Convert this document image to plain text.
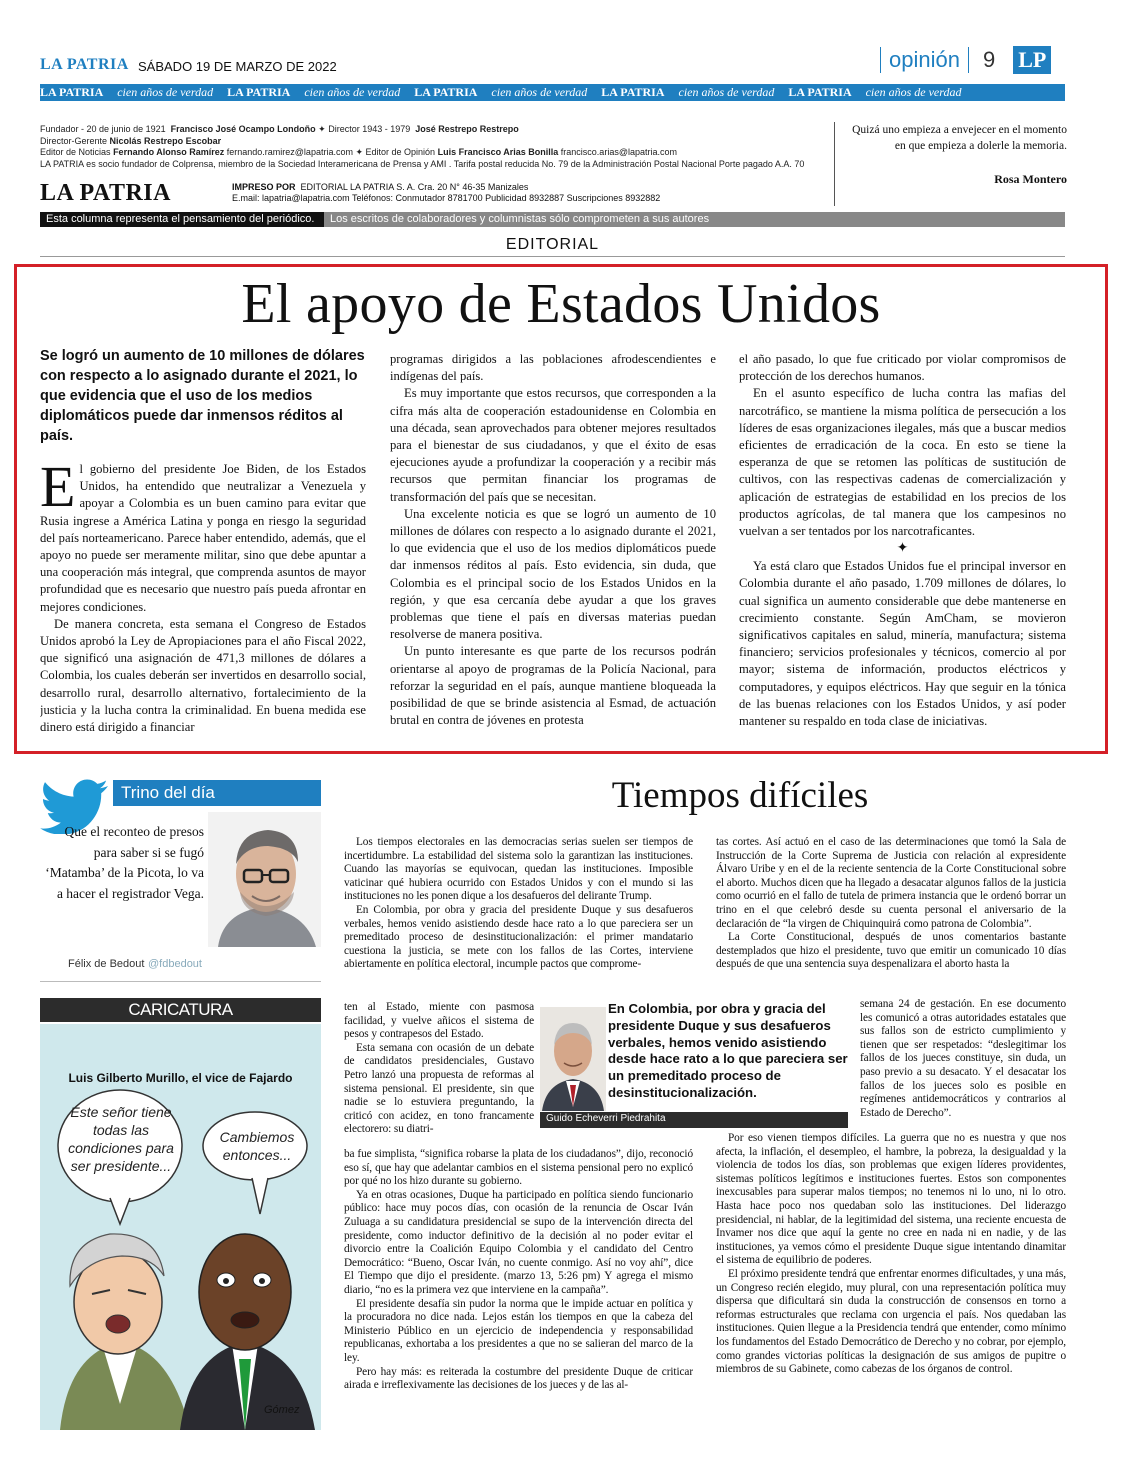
LA PATRIA SÁBADO 19 DE MARZO DE 2022	opinión 9 LP
LA PATRIA cien años de verdad LA PATRIA cien años de verdad LA PATRIA cien años de verdad LA PATRIA cien años de verdad LA PATRIA cien años de verdad
Fundador - 20 de junio de 1921 Francisco José Ocampo Londoño ✦ Director 1943 - 1979 José Restrepo Restrepo
Director-Gerente Nicolás Restrepo Escobar
Editor de Noticias Fernando Alonso Ramírez fernando.ramirez@lapatria.com ✦ Editor de Opinión Luis Francisco Arias Bonilla francisco.arias@lapatria.com
LA PATRIA es socio fundador de Colprensa, miembro de la Sociedad Interamericana de Prensa y AMI . Tarifa postal reducida No. 79 de la Administración Postal Nacional Porte pagado A.A. 70
LA PATRIA	IMPRESO POR EDITORIAL LA PATRIA S. A. Cra. 20 N° 46-35 Manizales
E.mail: lapatria@lapatria.com Teléfonos: Conmutador 8781700 Publicidad 8932887 Suscripciones 8932882
Quizá uno empieza a envejecer en el momento en que empieza a dolerle la memoria.
Rosa Montero
Esta columna representa el pensamiento del periódico.	Los escritos de colaboradores y columnistas sólo comprometen a sus autores
EDITORIAL
El apoyo de Estados Unidos
Se logró un aumento de 10 millones de dólares con respecto a lo asignado durante el 2021, lo que evidencia que el uso de los medios diplomáticos puede dar inmensos réditos al país.

El gobierno del presidente Joe Biden, de los Estados Unidos, ha entendido que neutralizar a Venezuela y apoyar a Colombia es un buen camino para evitar que Rusia ingrese a América Latina y ponga en riesgo la seguridad del país norteamericano. Parece haber entendido, además, que el apoyo no puede ser meramente militar, sino que debe apuntar a una cooperación más integral, que comprenda asuntos de mayor profundidad que es necesario que nuestro país pueda afrontar en mejores condiciones.

De manera concreta, esta semana el Congreso de Estados Unidos aprobó la Ley de Apropiaciones para el año Fiscal 2022, que significó una asignación de 471,3 millones de dólares a Colombia, los cuales deberán ser invertidos en desarrollo social, desarrollo rural, desarrollo alternativo, fortalecimiento de la justicia y la lucha contra la criminalidad. En buena medida ese dinero está dirigido a financiar

programas dirigidos a las poblaciones afrodescendientes e indígenas del país.

Es muy importante que estos recursos, que corresponden a la cifra más alta de cooperación estadounidense en Colombia en una década, sean aprovechados para obtener mejores resultados para el bienestar de sus ciudadanos, y que el éxito de esas ejecuciones ayude a profundizar la cooperación y a recibir más recursos que permitan financiar los programas de transformación del país que se necesitan.

Una excelente noticia es que se logró un aumento de 10 millones de dólares con respecto a lo asignado durante el 2021, lo que evidencia que el uso de los medios diplomáticos puede dar inmensos réditos al país. Esto evidencia, sin duda, que Colombia es el principal socio de los Estados Unidos en la región, y que esa cercanía debe ayudar a que los graves problemas que tiene el país en diversas materias puedan resolverse de manera positiva.

Un punto interesante es que parte de los recursos podrán orientarse al apoyo de programas de la Policía Nacional, para reforzar la seguridad en el país, aunque mantiene bloqueada la posibilidad de que se brinde asistencia al Esmad, de actuación brutal en contra de jóvenes en protesta

el año pasado, lo que fue criticado por violar compromisos de protección de los derechos humanos.

En el asunto específico de lucha contra las mafias del narcotráfico, se mantiene la misma política de persecución a los líderes de esas organizaciones ilegales, más que a buscar medios eficientes de erradicación de la coca. En esto se tiene la esperanza de que se retomen las políticas de sustitución de cultivos, con las respectivas cadenas de comercialización y aplicación de estrategias de estabilidad en los precios de los productos agrícolas, de tal manera que los campesinos no vuelvan a ser tentados por los narcotraficantes.

✦

Ya está claro que Estados Unidos fue el principal inversor en Colombia durante el año pasado, 1.709 millones de dólares, lo cual significa un aumento considerable que debe mantenerse en crecimiento constante. Según AmCham, se movieron significativos capitales en salud, minería, manufactura; sistema financiero; servicios profesionales y técnicos, comercio al por mayor; sistema de información, productos eléctricos y computadores, y equipos eléctricos. Hay que seguir en la tónica de las buenas relaciones con los Estados Unidos, y así poder mantener su respaldo en toda clase de iniciativas.

Trino del día
Que el reconteo de presos para saber si se fugó ‘Matamba’ de la Picota, lo va a hacer el registrador Vega.
Félix de Bedout @fdbedout
CARICATURA
Luis Gilberto Murillo, el vice de Fajardo
Este señor tiene todas las condiciones para ser presidente...
Cambiemos entonces...
Gómez
Tiempos difíciles

Los tiempos electorales en las democracias serias suelen ser tiempos de incertidumbre. La estabilidad del sistema solo la garantizan las instituciones. Cuando las mayorías se equivocan, quedan las instituciones. Imposible vaticinar qué hubiera ocurrido con Estados Unidos y con el mundo si las instituciones no les ponen dique a los desafueros del delirante Trump.

En Colombia, por obra y gracia del presidente Duque y sus desafueros verbales, hemos venido asistiendo desde hace rato a lo que pareciera ser un premeditado proceso de desinstitucionalización: el primer mandatario cuestiona la justicia, se mete con los fallos de las Cortes, interviene abiertamente en política electoral, incumple pactos que comprome-

ten al Estado, miente con pasmosa facilidad, y vuelve añicos el sistema de pesos y contrapesos del Estado.

Esta semana con ocasión de un debate de candidatos presidenciales, Gustavo Petro lanzó una propuesta de reformas al sistema pensional. El presidente, sin que nadie se lo estuviera preguntando, la criticó con acidez, en tono francamente electorero: su diatri-

ba fue simplista, “significa robarse la plata de los ciudadanos”, dijo, reconoció eso sí, que hay que adelantar cambios en el sistema pensional pero no explicó por qué no los hizo durante su gobierno.

Ya en otras ocasiones, Duque ha participado en política siendo funcionario público: hace muy pocos días, con ocasión de la renuncia de Oscar Iván Zuluaga a su candidatura presidencial se supo de la intervención directa del presidente, como inductor definitivo de la decisión al no poder evitar el divorcio entre la Coalición Equipo Colombia y el candidato del Centro Democrático: “Bueno, Oscar Iván, no cuente conmigo. Así no voy ahí”, dice El Tiempo que dijo el presidente. (marzo 13, 5:26 pm) Y agrega el mismo diario, “no es la primera vez que interviene en la campaña”.

El presidente desafía sin pudor la norma que le impide actuar en política y la procuradora no dice nada. Lejos están los tiempos en que la cabeza del Ministerio Público en un ejercicio de independencia y responsabilidad republicanas, exhortaba a los presidentes a que no se salieran del marco de la ley.

Pero hay más: es reiterada la costumbre del presidente Duque de criticar airada e irreflexivamente las decisiones de los jueces y de las al-

tas cortes. Así actuó en el caso de las determinaciones que tomó la Sala de Instrucción de la Corte Suprema de Justicia con relación al expresidente Álvaro Uribe y en el de la reciente sentencia de la Corte Constitucional sobre el aborto. Muchos dicen que ha llegado a desacatar algunos fallos de la justicia como ocurrió en el fallo de tutela de primera instancia que le ordenó borrar un trino en el que celebró desde su cuenta personal el aniversario de la declaración de “la virgen de Chiquinquirá como patrona de Colombia”.

La Corte Constitucional, después de unos comentarios bastante destemplados que hizo el presidente, tuvo que emitir un comunicado 10 días después de que una sentencia suya despenalizara el aborto hasta la

semana 24 de gestación. En ese documento les comunicó a otras autoridades estatales que sus fallos son de estricto cumplimiento y tienen que ser respetados: “deslegitimar los fallos de los jueces constituye, sin duda, un paso previo a su desacato. Y el desacatar los fallos de los jueces solo es posible en regímenes antidemocráticos y contrarios al Estado de Derecho”.

Por eso vienen tiempos difíciles. La guerra que no es nuestra y que nos afecta, la inflación, el desempleo, el hambre, la pobreza, la desigualdad y la violencia de todos los días, son problemas que exigen líderes providentes, sistemas políticos legítimos e instituciones fuertes. Estos son componentes inexcusables para superar malos tiempos; no tenemos ni lo uno, ni lo otro. Hasta hace poco nos quedaban solo las instituciones. Del liderazgo presidencial, ni hablar, de la legitimidad del sistema, una reciente encuesta de Invamer nos dice que aquí la gente no cree en nada ni en nadie, y de las instituciones, ya vemos cómo el presidente Duque sigue intentando dinamitar el sistema de equilibrio de poderes.

El próximo presidente tendrá que enfrentar enormes dificultades, y una más, un Congreso recién elegido, muy plural, con una representación política muy dispersa que dificultará sin duda la construcción de consensos en torno a reformas estructurales que reclama con urgencia el país. Nos quedaban las instituciones. Quien llegue a la Presidencia tendrá que entender, como mínimo los fundamentos del Estado Democrático de Derecho y no cobrar, por ejemplo, como grandes victorias políticas la designación de sus amigos de pupitre o miembros de su Gabinete, como cabezas de los órganos de control.

En Colombia, por obra y gracia del presidente Duque y sus desafueros verbales, hemos venido asistiendo desde hace rato a lo que pareciera ser un premeditado proceso de desinstitucionalización.
Guido Echeverri Piedrahita
